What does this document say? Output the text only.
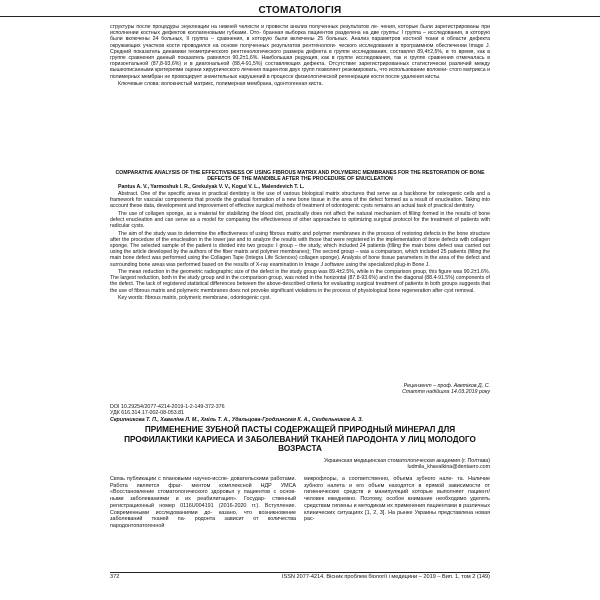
СТОМАТОЛОГІЯ
структуры после процедуры энуклеации на нижней челюсти и провести анализ полученных результатов ле- чения, которые были зарегистрированы при исполнении костных дефектов коллагеновыми губками. Ото- бранная выборка пациентов разделена на две группы: I группа – исследования, в которую были включены 24 больных, II группа – сравнения, в которую были включены 25 больных. Анализ параметров костной ткани в области дефекта окружающих участков кости проводился на основе полученных результатов рентгенологи- ческого исследования в программном обеспечении Image J. Средний показатель динамики геометрического рентгенологического размера дефекта в группе исследования, составлял 89,4±2,5%, в то время, как в группе сравнения данный показатель равнялся 90,2±1,6%. Наибольшая редукция, как в группе исследования, так и группе сравнения отмечалась в горизонтальной (87,8-93,6%) и в диагональной (88,4-91,5%) составляющих дефекта. Отсутствие зарегистрированных статистически различий между вышеописанными критериями оценки хирургического лечения пациентов двух групп позволяет резюмировать, что использование волокни- стого матрикса и полимерных мембран не провоцирует значительных нарушений в процессе физиологической регенерации кости после удаления кисты.
Ключевые слова: волокнистый матрикс, полимерная мембрана, одонтогенная киста.
COMPARATIVE ANALYSIS OF THE EFFECTIVENESS OF USING FIBROUS MATRIX AND POLYMERIC MEMBRANES FOR THE RESTORATION OF BONE DEFECTS OF THE MANDIBLE AFTER THE PROCEDURE OF ENUCLEATION
Pantus A. V., Yarmoshuk I. R., Grekulyak V. V., Kogut V. L., Malendevich T. L.
Abstract. One of the specific areas in practical dentistry is the use of various biological matrix structures that serve as a backbone for osteogenic cells and a framework for vascular components that provide the gradual formation of a new bone tissue in the area of the defect formed as a result of enucleation. Taking into account these data, development and improvement of effective surgical methods of treatment of odontogenic cysts remains an actual task of practical dentistry.
The use of collagen sponge, as a material for stabilizing the blood clot, practically does not affect the natural mechanism of filling formed in the results of bone defect enucleation and can serve as a model for comparing the effectiveness of other approaches to optimizing surgical protocol for the treatment of patients with radicular cysts.
The aim of the study was to determine the effectiveness of using fibrous matrix and polymer membranes in the process of restoring defects in the bone structure after the procedure of the enucleation in the lower jaw and to analyze the results with those that were registered in the implementation of bone defects with collagen sponge. The selected sample of the patient is divided into two groups: I group – the study, which included 24 patients (filling the main bone defect was carried out using the article developed by the authors of the fiber matrix and polymer membranes); The second group – was a comparison, which included 25 patients (filling the main bone defect was performed using the Collagen Tape (Integra Life Sciences) collagen sponge). Analysis of bone tissue parameters in the area of the defect and surrounding bone areas was performed based on the results of X-ray examination in Image J software using the specialized plug-in Bone J.
The mean reduction in the geometric radiographic size of the defect in the study group was 89.4±2.5%, while in the comparison group, this figure was 90.2±1.6%. The largest reduction, both in the study group and in the comparison group, was noted in the horizontal (87.8-93.6%) and in the diagonal (88.4-91.5%) components of the defect. The lack of registered statistical differences between the above-described criteria for evaluating surgical treatment of patients in both groups suggests that the use of fibrous matrix and polymeric membranes does not provoke significant violations in the process of physiological bone regeneration after cyst removal.
Key words: fibrous matrix, polymeric membrane, odontogenic cyst.
Рецензент – проф. Аветіков Д. С.
Стаття надійшла 14.03.2019 року
DOI 10.29254/2077-4214-2019-1-2-149-372-376
УДК 616.314.17-002-08-053.81
Скрипникова Т. П., Хаваліна Л. М., Хміль Т. А., Удальцова-Гродзинская К. А., Скидельников А. З.
ПРИМЕНЕНИЕ ЗУБНОЙ ПАСТЫ СОДЕРЖАЩЕЙ ПРИРОДНЫЙ МИНЕРАЛ ДЛЯ ПРОФИЛАКТИКИ КАРИЕСА И ЗАБОЛЕВАНИЙ ТКАНЕЙ ПАРОДОНТА У ЛИЦ МОЛОДОГО ВОЗРАСТА
Украинская медицинская стоматологическая академия (г. Полтава)
ludmila_khavalkina@dentaero.com
Связь публикации с плановыми научно-иссле- довательскими работами. Работа является фраг- ментом комплексной НДР УМСА «Восстановление стоматологического здоровья у пациентов с основ- ными заболеваниями и их реабилитация». Государ- ственный регистрационный номер 0116U004191 (2016-2020 гг.). Вступление. Современными исследованиями до- казано, что возникновение заболеваний тканей па- родонта зависит от количества пародонтопатогенной
микрофлоры, а соответственно, объема зубного нале- та. Наличие зубного налета и его объем находятся в прямой зависимости от гигиенических средств и манипуляций которые выполняет пациент/человек ежедневно. Поэтому, особое внимание необходимо уделять средствам гигиены и методикам их применения пациентами в различных клинических ситуациях [1, 2, 3]. На рынке Украины представлена новая рас-
372	ISSN 2077-4214. Вісник проблем біології і медицини – 2019 – Вип. 1, том 2 (149)
